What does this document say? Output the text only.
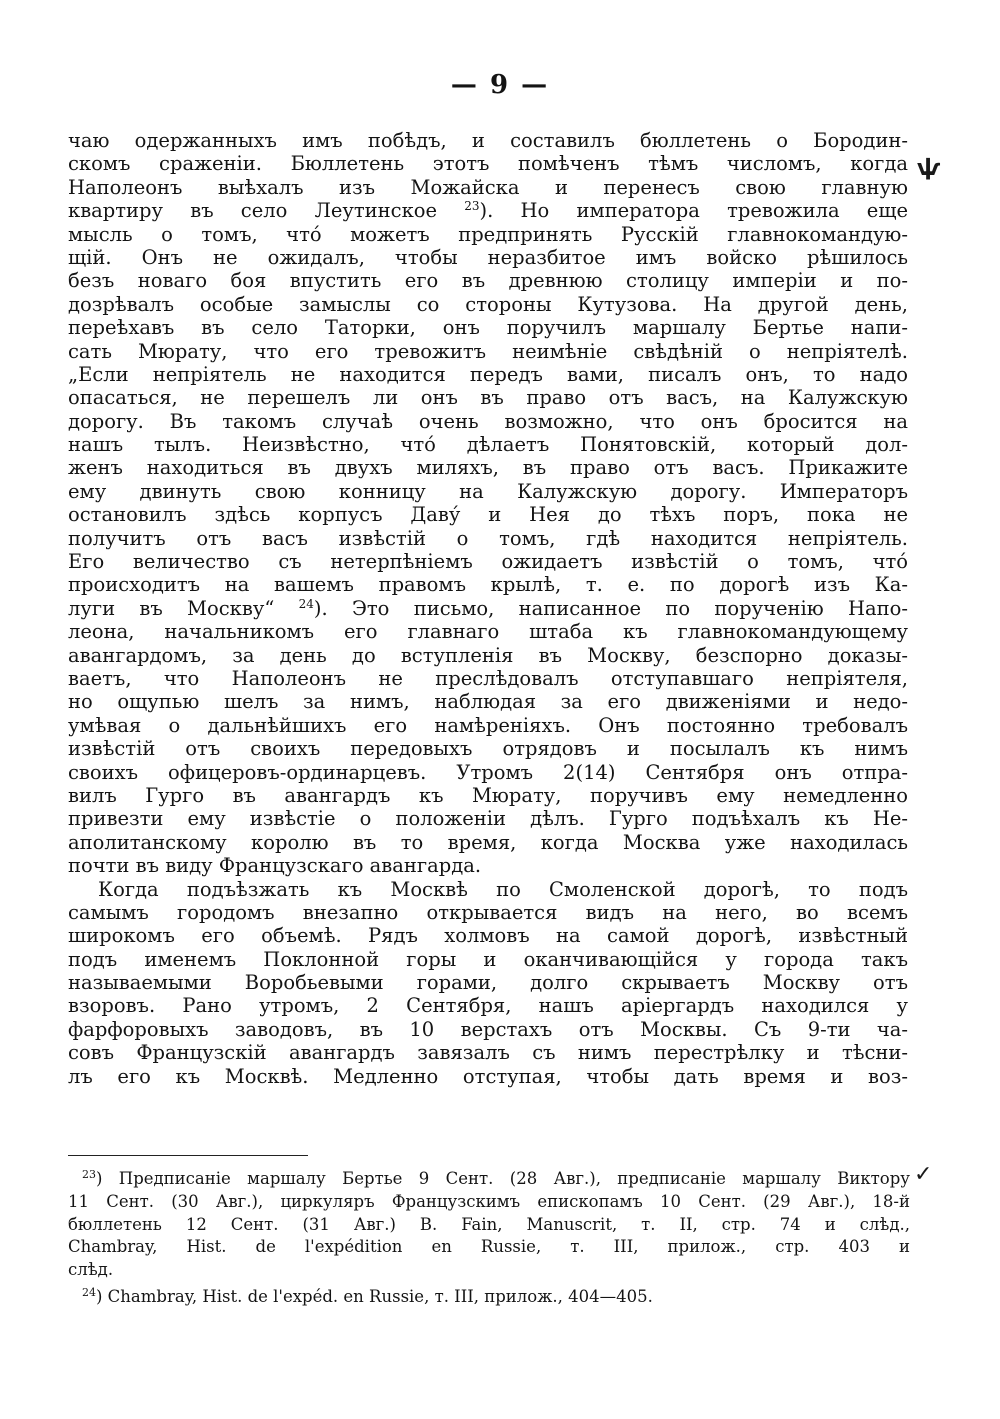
— 9 —
ѱ
✓
чаю одержанныхъ имъ побѣдъ, и составилъ бюллетень о Бородин-
скомъ сраженіи. Бюллетень этотъ помѣченъ тѣмъ числомъ, когда
Наполеонъ выѣхалъ изъ Можайска и перенесъ свою главную
квартиру въ село Леутинское $^{23}$). Но императора тревожила еще
мысль о томъ, что́ можетъ предпринять Русскій главнокомандую-
щій. Онъ не ожидалъ, чтобы неразбитое имъ войско рѣшилось
безъ новаго боя впустить его въ древнюю столицу имперіи и по-
дозрѣвалъ особые замыслы со стороны Кутузова. На другой день,
переѣхавъ въ село Таторки, онъ поручилъ маршалу Бертье напи-
сать Мюрату, что его тревожитъ неимѣніе свѣдѣній о непріятелѣ.
„Если непріятель не находится передъ вами, писалъ онъ, то надо
опасаться, не перешелъ ли онъ въ право отъ васъ, на Калужскую
дорогу. Въ такомъ случаѣ очень возможно, что онъ бросится на
нашъ тылъ. Неизвѣстно, что́ дѣлаетъ Понятовскій, который дол-
женъ находиться въ двухъ миляхъ, въ право отъ васъ. Прикажите
ему двинуть свою конницу на Калужскую дорогу. Императоръ
остановилъ здѣсь корпусъ Даву́ и Нея до тѣхъ поръ, пока не
получитъ отъ васъ извѣстій о томъ, гдѣ находится непріятель.
Его величество съ нетерпѣніемъ ожидаетъ извѣстій о томъ, что́
происходитъ на вашемъ правомъ крылѣ, т. е. по дорогѣ изъ Ка-
луги въ Москву“ $^{24}$). Это письмо, написанное по порученію Напо-
леона, начальникомъ его главнаго штаба къ главнокомандующему
авангардомъ, за день до вступленія въ Москву, безспорно доказы-
ваетъ, что Наполеонъ не преслѣдовалъ отступавшаго непріятеля,
но ощупью шелъ за нимъ, наблюдая за его движеніями и недо-
умѣвая о дальнѣйшихъ его намѣреніяхъ. Онъ постоянно требовалъ
извѣстій отъ своихъ передовыхъ отрядовъ и посылалъ къ нимъ
своихъ офицеровъ-ординарцевъ. Утромъ 2(14) Сентября онъ отпра-
вилъ Гурго въ авангардъ къ Мюрату, поручивъ ему немедленно
привезти ему извѣстіе о положеніи дѣлъ. Гурго подъѣхалъ къ Не-
аполитанскому королю въ то время, когда Москва уже находилась
почти въ виду Французскаго авангарда.
Когда подъѣзжать къ Москвѣ по Смоленской дорогѣ, то подъ
самымъ городомъ внезапно открывается видъ на него, во всемъ
широкомъ его объемѣ. Рядъ холмовъ на самой дорогѣ, извѣстный
подъ именемъ Поклонной горы и оканчивающійся у города такъ
называемыми Воробьевыми горами, долго скрываетъ Москву отъ
взоровъ. Рано утромъ, 2 Сентября, нашъ аріергардъ находился у
фарфоровыхъ заводовъ, въ 10 верстахъ отъ Москвы. Съ 9-ти ча-
совъ Французскій авангардъ завязалъ съ нимъ перестрѣлку и тѣсни-
лъ его къ Москвѣ. Медленно отступая, чтобы дать время и воз-
$^{23}$) Предписаніе маршалу Бертье 9 Сент. (28 Авг.), предписаніе маршалу Виктору
11 Сент. (30 Авг.), циркуляръ Французскимъ епископамъ 10 Сент. (29 Авг.), 18-й
бюллетень 12 Сент. (31 Авг.) B. Fain, Manuscrit, т. II, стр. 74 и слѣд.,
Chambray, Hist. de l'expédition en Russie, т. III, прилож., стр. 403 и
слѣд.
$^{24}$) Chambray, Hist. de l'expéd. en Russie, т. III, прилож., 404—405.
